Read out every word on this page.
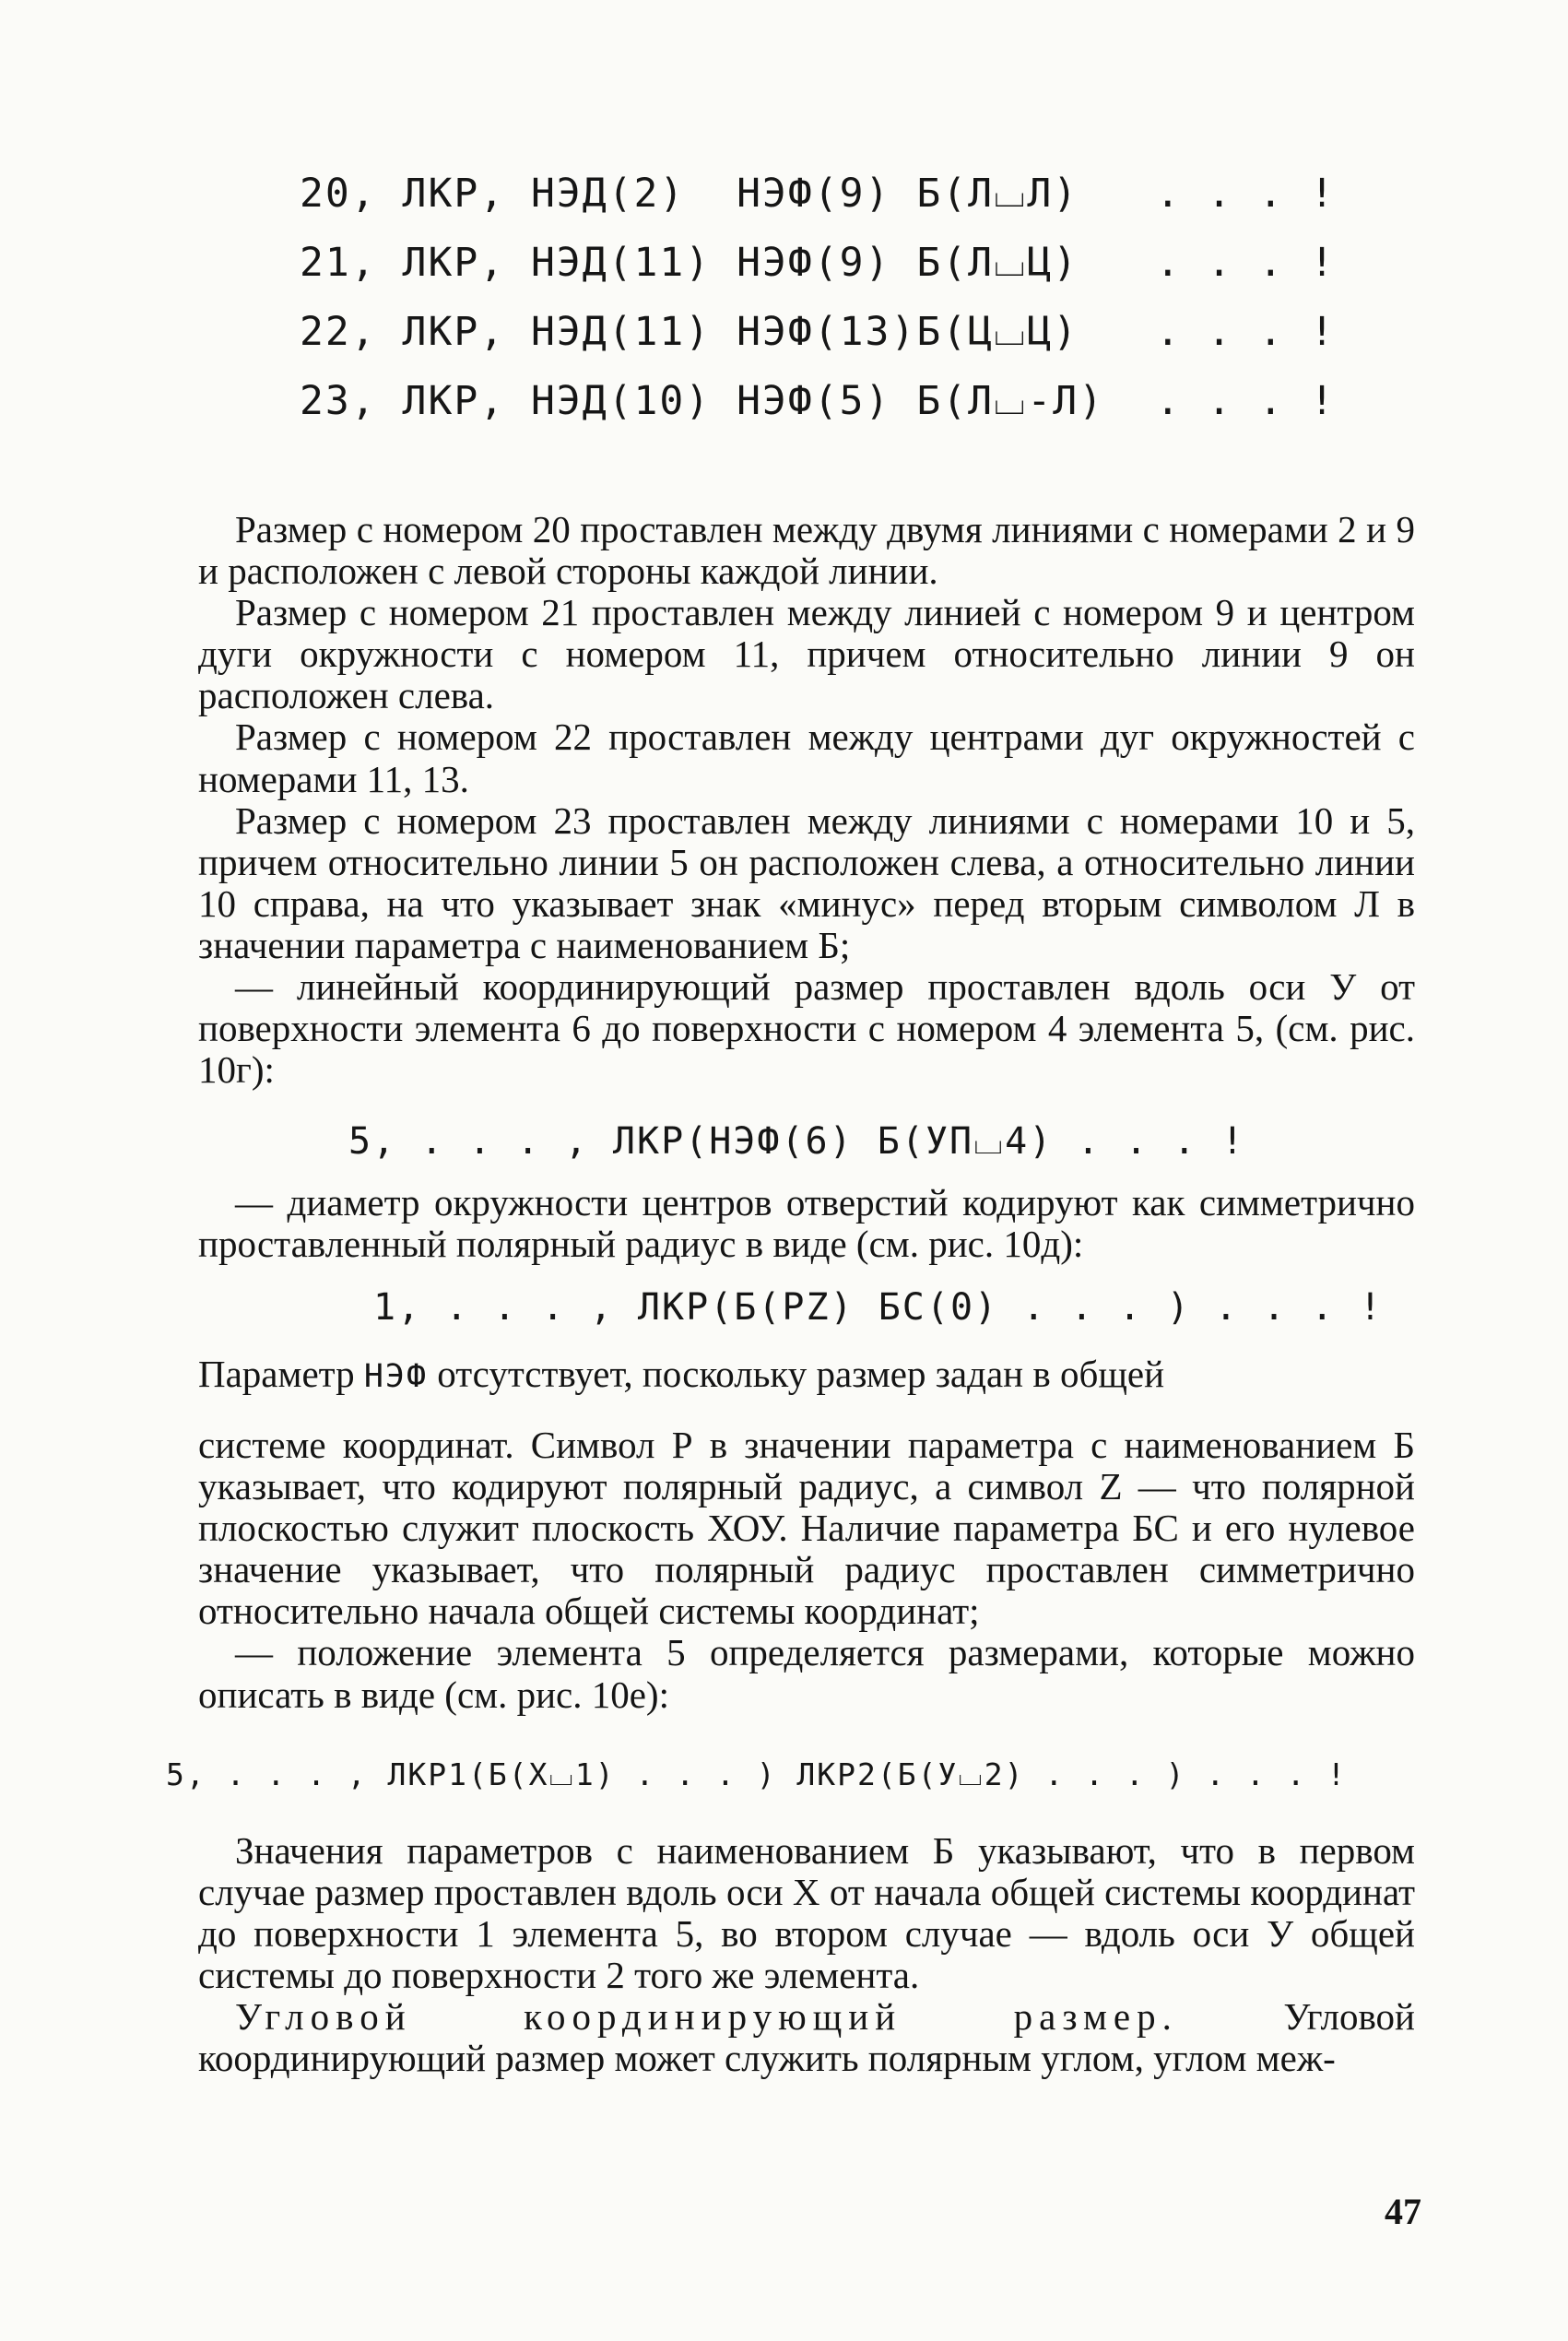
20, ЛКР, НЭД(2)  НЭФ(9) Б(Л⌴Л)   . . . !

21, ЛКР, НЭД(11) НЭФ(9) Б(Л⌴Ц)   . . . !

22, ЛКР, НЭД(11) НЭФ(13)Б(Ц⌴Ц)   . . . !

23, ЛКР, НЭД(10) НЭФ(5) Б(Л⌴-Л)  . . . !

Размер с номером 20 проставлен между двумя линиями с номерами 2 и 9 и расположен с левой стороны каждой линии.

Размер с номером 21 проставлен между линией с номером 9 и центром дуги окружности с номером 11, причем относительно линии 9 он расположен слева.

Размер с номером 22 проставлен между центрами дуг окружностей с номерами 11, 13.

Размер с номером 23 проставлен между линиями с номерами 10 и 5, причем относительно линии 5 он расположен слева, а относительно линии 10 справа, на что указывает знак «минус» перед вторым символом Л в значении параметра с наименованием Б;

— линейный координирующий размер проставлен вдоль оси У от поверхности элемента 6 до поверхности с номером 4 элемента 5, (см. рис. 10г):

5, . . . , ЛКР(НЭФ(6) Б(УП⌴4) . . . !

— диаметр окружности центров отверстий кодируют как симметрично проставленный полярный радиус в виде (см. рис. 10д):

1, . . . , ЛКР(Б(РZ) БС(0) . . . ) . . . !

Параметр НЭФ отсутствует, поскольку размер задан в общей

системе координат. Символ Р в значении параметра с наименованием Б указывает, что кодируют полярный радиус, а символ Z — что полярной плоскостью служит плоскость ХОУ. Наличие параметра БС и его нулевое значение указывает, что полярный радиус проставлен симметрично относительно начала общей системы координат;

— положение элемента 5 определяется размерами, которые можно описать в виде (см. рис. 10е):

5, . . . , ЛКР1(Б(Х⌴1) . . . ) ЛКР2(Б(У⌴2) . . . ) . . . !

Значения параметров с наименованием Б указывают, что в первом случае размер проставлен вдоль оси Х от начала общей системы координат до поверхности 1 элемента 5, во втором случае — вдоль оси У общей системы до поверхности 2 того же элемента.

Угловой координирующий размер.	Угловой координирующий размер может служить полярным углом, углом меж-

47
